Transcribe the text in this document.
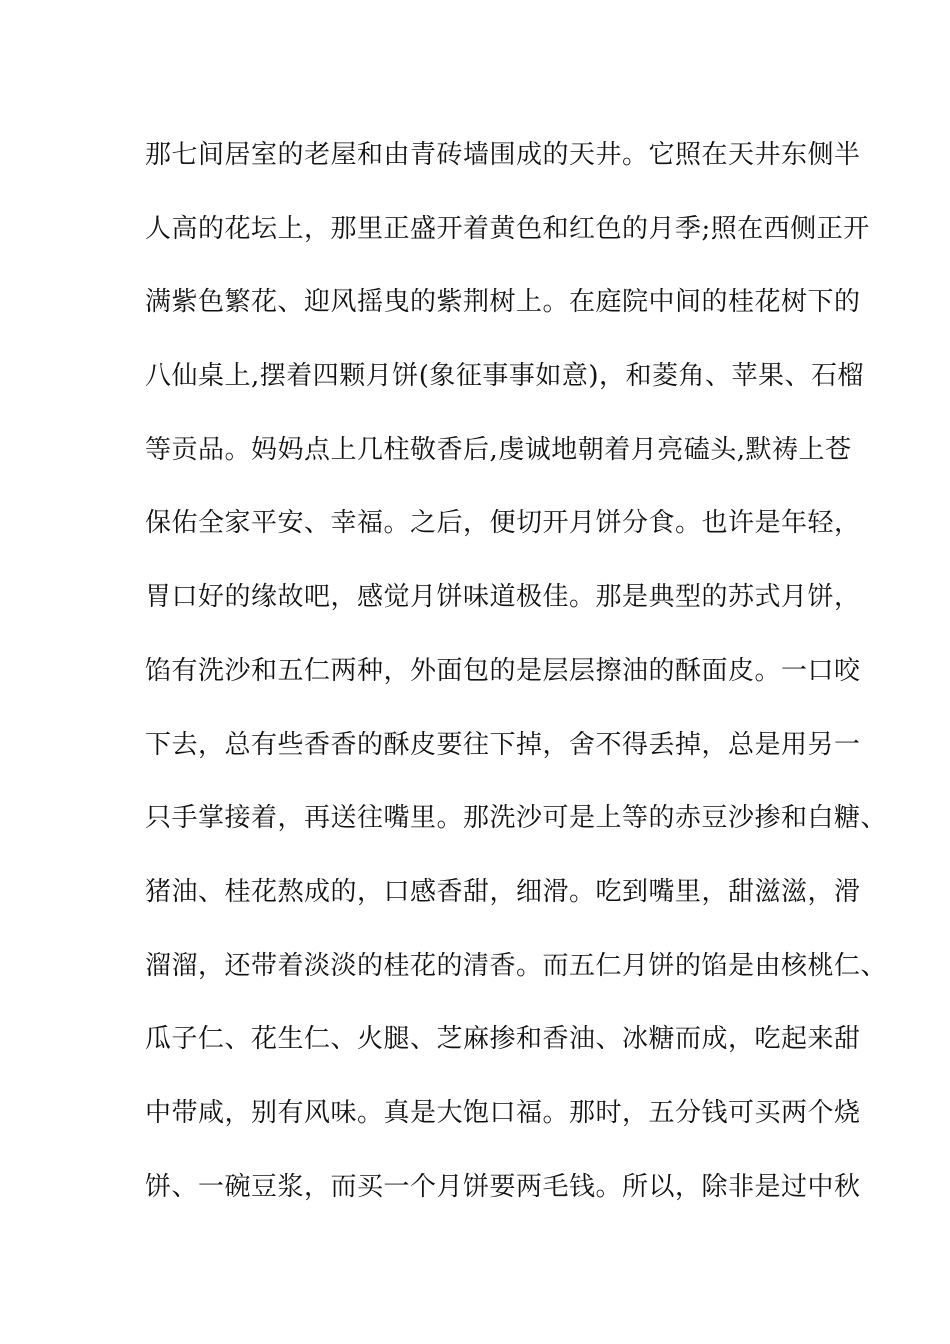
那七间居室的老屋和由青砖墙围成的天井。它照在天井东侧半
人高的花坛上，那里正盛开着黄色和红色的月季;照在西侧正开
满紫色繁花、迎风摇曳的紫荆树上。在庭院中间的桂花树下的
八仙桌上,摆着四颗月饼(象征事事如意)，和菱角、苹果、石榴
等贡品。妈妈点上几柱敬香后,虔诚地朝着月亮磕头,默祷上苍
保佑全家平安、幸福。之后，便切开月饼分食。也许是年轻，
胃口好的缘故吧，感觉月饼味道极佳。那是典型的苏式月饼，
馅有洗沙和五仁两种，外面包的是层层擦油的酥面皮。一口咬
下去，总有些香香的酥皮要往下掉，舍不得丢掉，总是用另一
只手掌接着，再送往嘴里。那洗沙可是上等的赤豆沙掺和白糖、
猪油、桂花熬成的，口感香甜，细滑。吃到嘴里，甜滋滋，滑
溜溜，还带着淡淡的桂花的清香。而五仁月饼的馅是由核桃仁、
瓜子仁、花生仁、火腿、芝麻掺和香油、冰糖而成，吃起来甜
中带咸，别有风味。真是大饱口福。那时，五分钱可买两个烧
饼、一碗豆浆，而买一个月饼要两毛钱。所以，除非是过中秋
